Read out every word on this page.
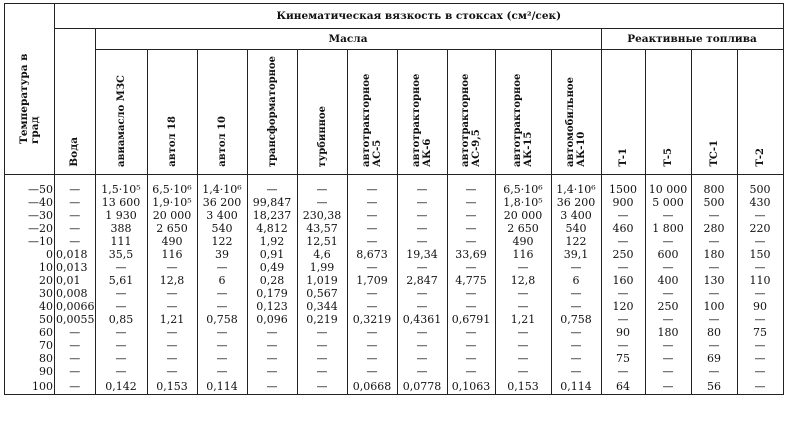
Температура в град	Кинематическая вязкость в стоксах (см²/сек)														
	Вода	Масла										Реактивные топлива			
		авиамасло МЗС	автол 18	автол 10	трансформаторное	турбинное	автотракторное АС-5	автотракторное АК-6	автотракторное АС-9,5	автотракторное АК-15	автомобильное АК-10	Т-1	Т-5	ТС-1	Т-2

—50	—	1,5·10⁵	6,5·10⁶	1,4·10⁶	—	—	—	—	—	6,5·10⁶	1,4·10⁶	1500	10 000	800	500
—40	—	13 600	1,9·10⁵	36 200	99,847	—	—	—	—	1,8·10⁵	36 200	900	5 000	500	430
—30	—	1 930	20 000	3 400	18,237	230,38	—	—	—	20 000	3 400	—	—	—	—
—20	—	388	2 650	540	4,812	43,57	—	—	—	2 650	540	460	1 800	280	220
—10	—	111	490	122	1,92	12,51	—	—	—	490	122	—	—	—	—
0	0,018	35,5	116	39	0,91	4,6	8,673	19,34	33,69	116	39,1	250	600	180	150
10	0,013	—	—	—	0,49	1,99	—	—	—	—	—	—	—	—	—
20	0,01	5,61	12,8	6	0,28	1,019	1,709	2,847	4,775	12,8	6	160	400	130	110
30	0,008	—	—	—	0,179	0,567	—	—	—	—	—	—	—	—	—
40	0,0066	—	—	—	0,123	0,344	—	—	—	—	—	120	250	100	90
50	0,0055	0,85	1,21	0,758	0,096	0,219	0,3219	0,4361	0,6791	1,21	0,758	—	—	—	—
60	—	—	—	—	—	—	—	—	—	—	—	90	180	80	75
70	—	—	—	—	—	—	—	—	—	—	—	—	—	—	—
80	—	—	—	—	—	—	—	—	—	—	—	75	—	69	—
90	—	—	—	—	—	—	—	—	—	—	—	—	—	—	—
100	—	0,142	0,153	0,114	—	—	0,0668	0,0778	0,1063	0,153	0,114	64	—	56	—
